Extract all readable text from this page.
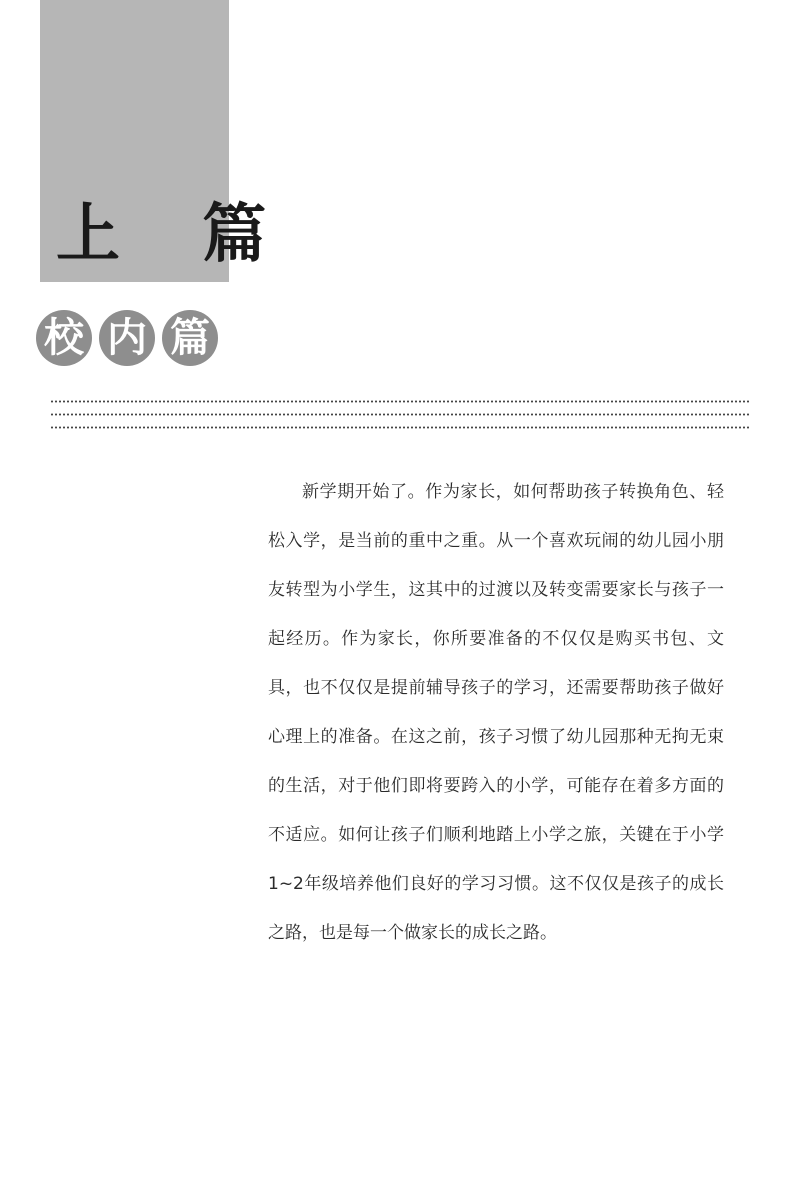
上 篇
校 内 篇

新学期开始了。作为家长，如何帮助孩子转换角色、轻松入学，是当前的重中之重。从一个喜欢玩闹的幼儿园小朋友转型为小学生，这其中的过渡以及转变需要家长与孩子一起经历。作为家长，你所要准备的不仅仅是购买书包、文具，也不仅仅是提前辅导孩子的学习，还需要帮助孩子做好心理上的准备。在这之前，孩子习惯了幼儿园那种无拘无束的生活，对于他们即将要跨入的小学，可能存在着多方面的不适应。如何让孩子们顺利地踏上小学之旅，关键在于小学1~2年级培养他们良好的学习习惯。这不仅仅是孩子的成长之路，也是每一个做家长的成长之路。
